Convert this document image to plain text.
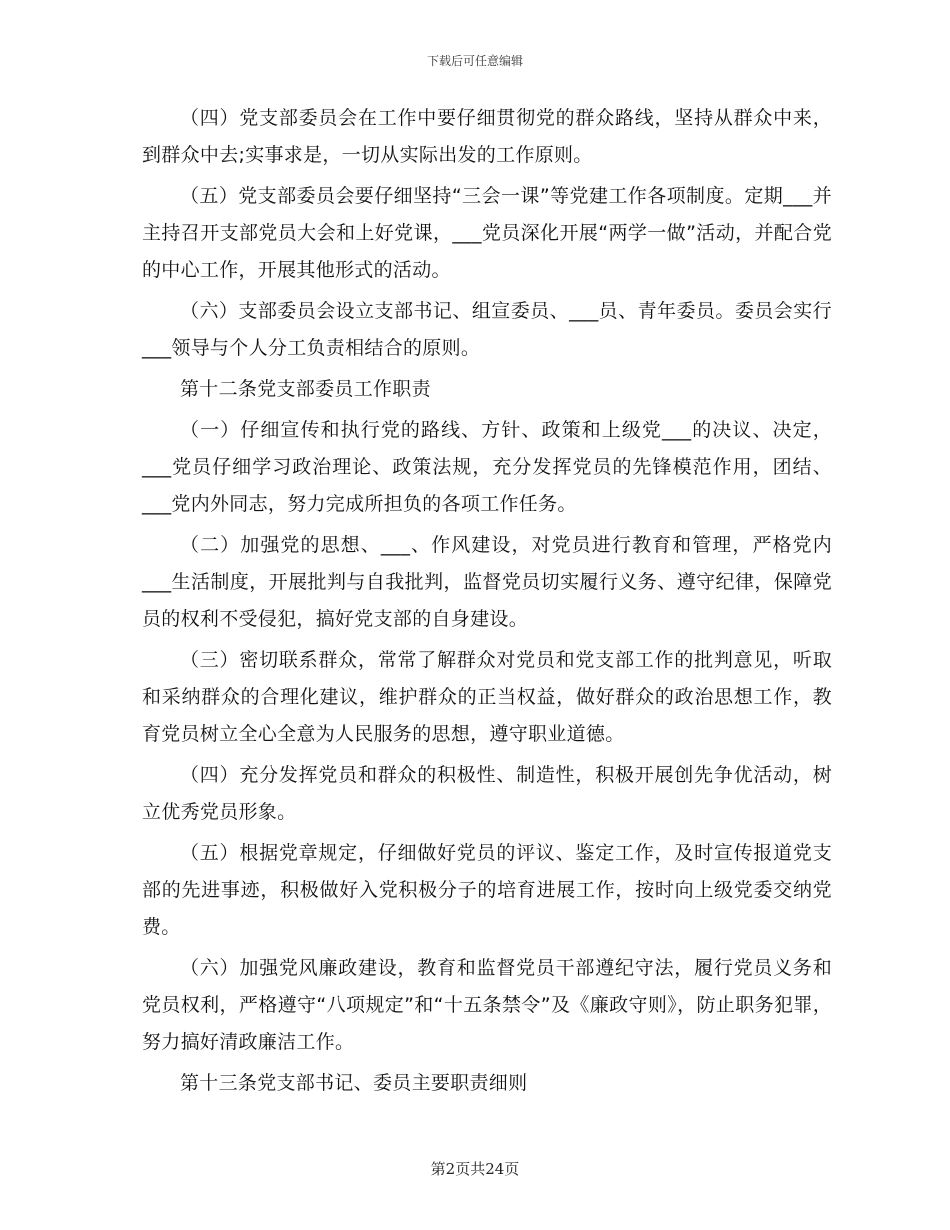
下载后可任意编辑

（四）党支部委员会在工作中要仔细贯彻党的群众路线，坚持从群众中来，到群众中去;实事求是，一切从实际出发的工作原则。

（五）党支部委员会要仔细坚持“三会一课”等党建工作各项制度。定期___并主持召开支部党员大会和上好党课，___党员深化开展“两学一做”活动，并配合党的中心工作，开展其他形式的活动。

（六）支部委员会设立支部书记、组宣委员、___员、青年委员。委员会实行___领导与个人分工负责相结合的原则。

第十二条党支部委员工作职责

（一）仔细宣传和执行党的路线、方针、政策和上级党___的决议、决定，___党员仔细学习政治理论、政策法规，充分发挥党员的先锋模范作用，团结、___党内外同志，努力完成所担负的各项工作任务。

（二）加强党的思想、___、作风建设，对党员进行教育和管理，严格党内___生活制度，开展批判与自我批判，监督党员切实履行义务、遵守纪律，保障党员的权利不受侵犯，搞好党支部的自身建设。

（三）密切联系群众，常常了解群众对党员和党支部工作的批判意见，听取和采纳群众的合理化建议，维护群众的正当权益，做好群众的政治思想工作，教育党员树立全心全意为人民服务的思想，遵守职业道德。

（四）充分发挥党员和群众的积极性、制造性，积极开展创先争优活动，树立优秀党员形象。

（五）根据党章规定，仔细做好党员的评议、鉴定工作，及时宣传报道党支部的先进事迹，积极做好入党积极分子的培育进展工作，按时向上级党委交纳党费。

（六）加强党风廉政建设，教育和监督党员干部遵纪守法，履行党员义务和党员权利，严格遵守“八项规定”和“十五条禁令”及《廉政守则》，防止职务犯罪，努力搞好清政廉洁工作。

第十三条党支部书记、委员主要职责细则

第2页共24页
